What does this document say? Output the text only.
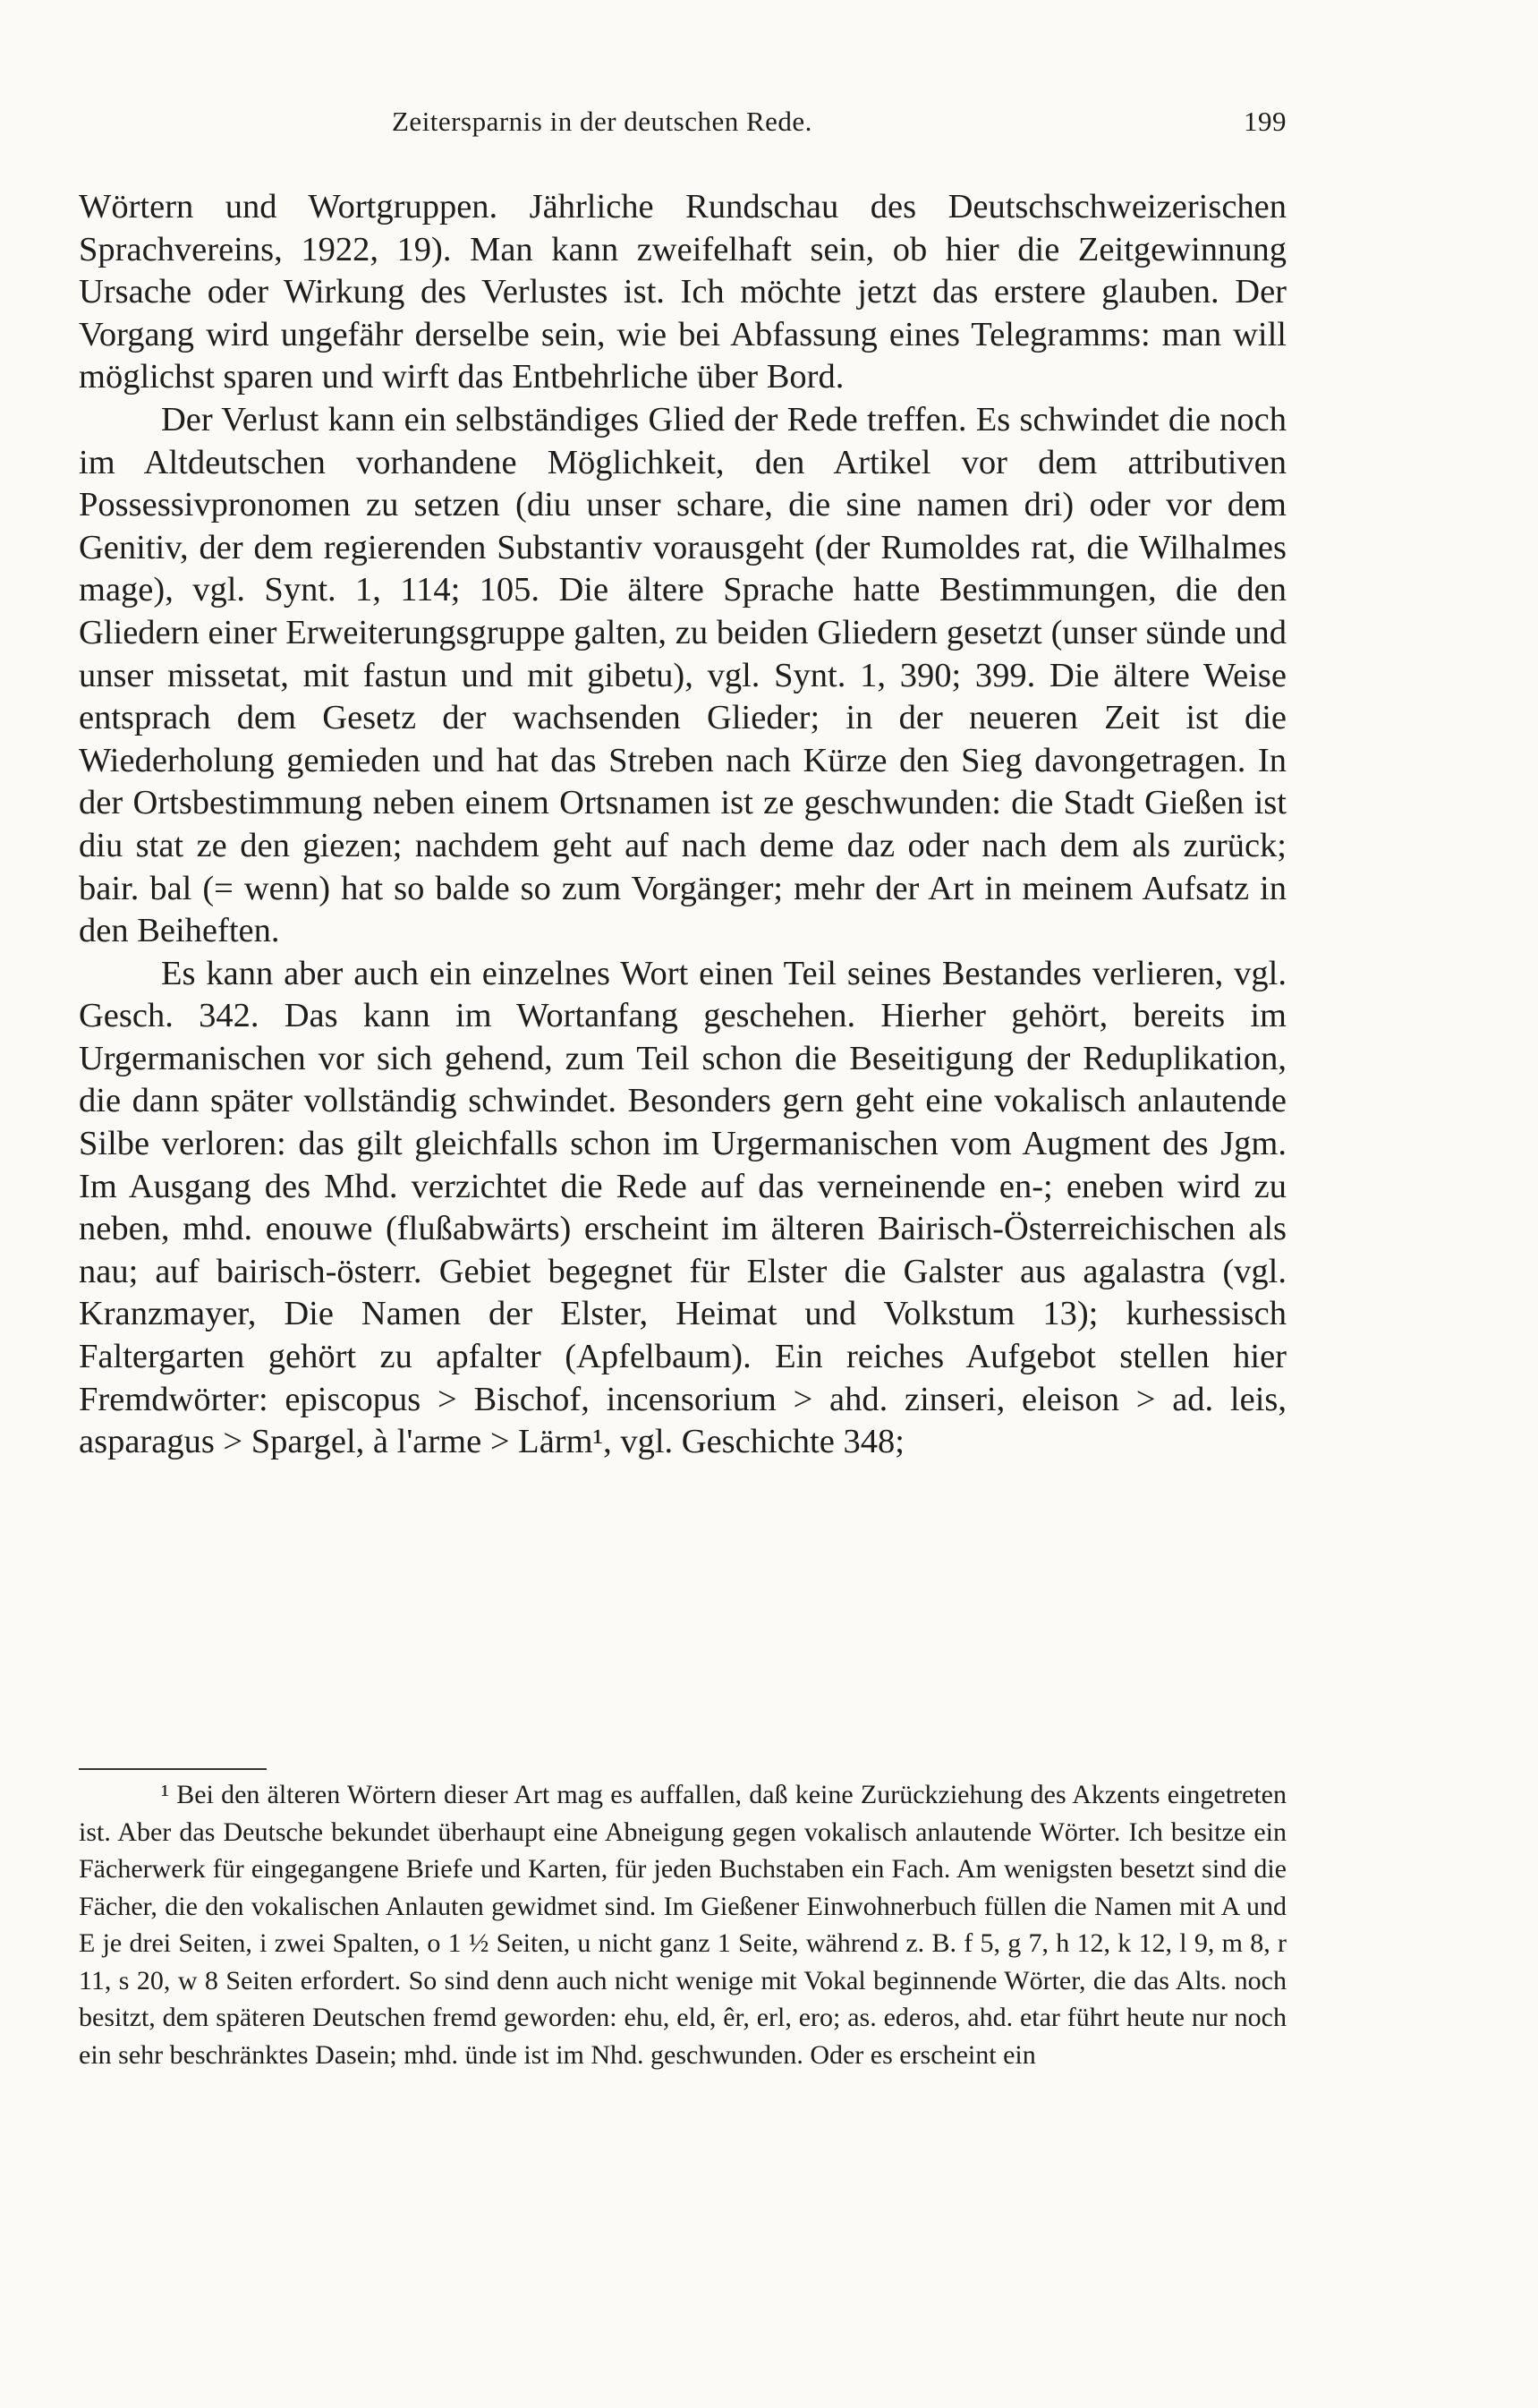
Zeitersparnis in der deutschen Rede.	199

Wörtern und Wortgruppen. Jährliche Rundschau des Deutschschweizerischen Sprachvereins, 1922, 19). Man kann zweifelhaft sein, ob hier die Zeitgewinnung Ursache oder Wirkung des Verlustes ist. Ich möchte jetzt das erstere glauben. Der Vorgang wird ungefähr derselbe sein, wie bei Abfassung eines Telegramms: man will möglichst sparen und wirft das Entbehrliche über Bord.

Der Verlust kann ein selbständiges Glied der Rede treffen. Es schwindet die noch im Altdeutschen vorhandene Möglichkeit, den Artikel vor dem attributiven Possessivpronomen zu setzen (diu unser schare, die sine namen dri) oder vor dem Genitiv, der dem regierenden Substantiv vorausgeht (der Rumoldes rat, die Wilhalmes mage), vgl. Synt. 1, 114; 105. Die ältere Sprache hatte Bestimmungen, die den Gliedern einer Erweiterungsgruppe galten, zu beiden Gliedern gesetzt (unser sünde und unser missetat, mit fastun und mit gibetu), vgl. Synt. 1, 390; 399. Die ältere Weise entsprach dem Gesetz der wachsenden Glieder; in der neueren Zeit ist die Wiederholung gemieden und hat das Streben nach Kürze den Sieg davongetragen. In der Ortsbestimmung neben einem Ortsnamen ist ze geschwunden: die Stadt Gießen ist diu stat ze den giezen; nachdem geht auf nach deme daz oder nach dem als zurück; bair. bal (= wenn) hat so balde so zum Vorgänger; mehr der Art in meinem Aufsatz in den Beiheften.

Es kann aber auch ein einzelnes Wort einen Teil seines Bestandes verlieren, vgl. Gesch. 342. Das kann im Wortanfang geschehen. Hierher gehört, bereits im Urgermanischen vor sich gehend, zum Teil schon die Beseitigung der Reduplikation, die dann später vollständig schwindet. Besonders gern geht eine vokalisch anlautende Silbe verloren: das gilt gleichfalls schon im Urgermanischen vom Augment des Jgm. Im Ausgang des Mhd. verzichtet die Rede auf das verneinende en-; eneben wird zu neben, mhd. enouwe (flußabwärts) erscheint im älteren Bairisch-Österreichischen als nau; auf bairisch-österr. Gebiet begegnet für Elster die Galster aus agalastra (vgl. Kranzmayer, Die Namen der Elster, Heimat und Volkstum 13); kurhessisch Faltergarten gehört zu apfalter (Apfelbaum). Ein reiches Aufgebot stellen hier Fremdwörter: episcopus > Bischof, incensorium > ahd. zinseri, eleison > ad. leis, asparagus > Spargel, à l'arme > Lärm¹, vgl. Geschichte 348;

¹ Bei den älteren Wörtern dieser Art mag es auffallen, daß keine Zurückziehung des Akzents eingetreten ist. Aber das Deutsche bekundet überhaupt eine Abneigung gegen vokalisch anlautende Wörter. Ich besitze ein Fächerwerk für eingegangene Briefe und Karten, für jeden Buchstaben ein Fach. Am wenigsten besetzt sind die Fächer, die den vokalischen Anlauten gewidmet sind. Im Gießener Einwohnerbuch füllen die Namen mit A und E je drei Seiten, i zwei Spalten, o 1 ½ Seiten, u nicht ganz 1 Seite, während z. B. f 5, g 7, h 12, k 12, l 9, m 8, r 11, s 20, w 8 Seiten erfordert. So sind denn auch nicht wenige mit Vokal beginnende Wörter, die das Alts. noch besitzt, dem späteren Deutschen fremd geworden: ehu, eld, êr, erl, ero; as. ederos, ahd. etar führt heute nur noch ein sehr beschränktes Dasein; mhd. ünde ist im Nhd. geschwunden. Oder es erscheint ein
